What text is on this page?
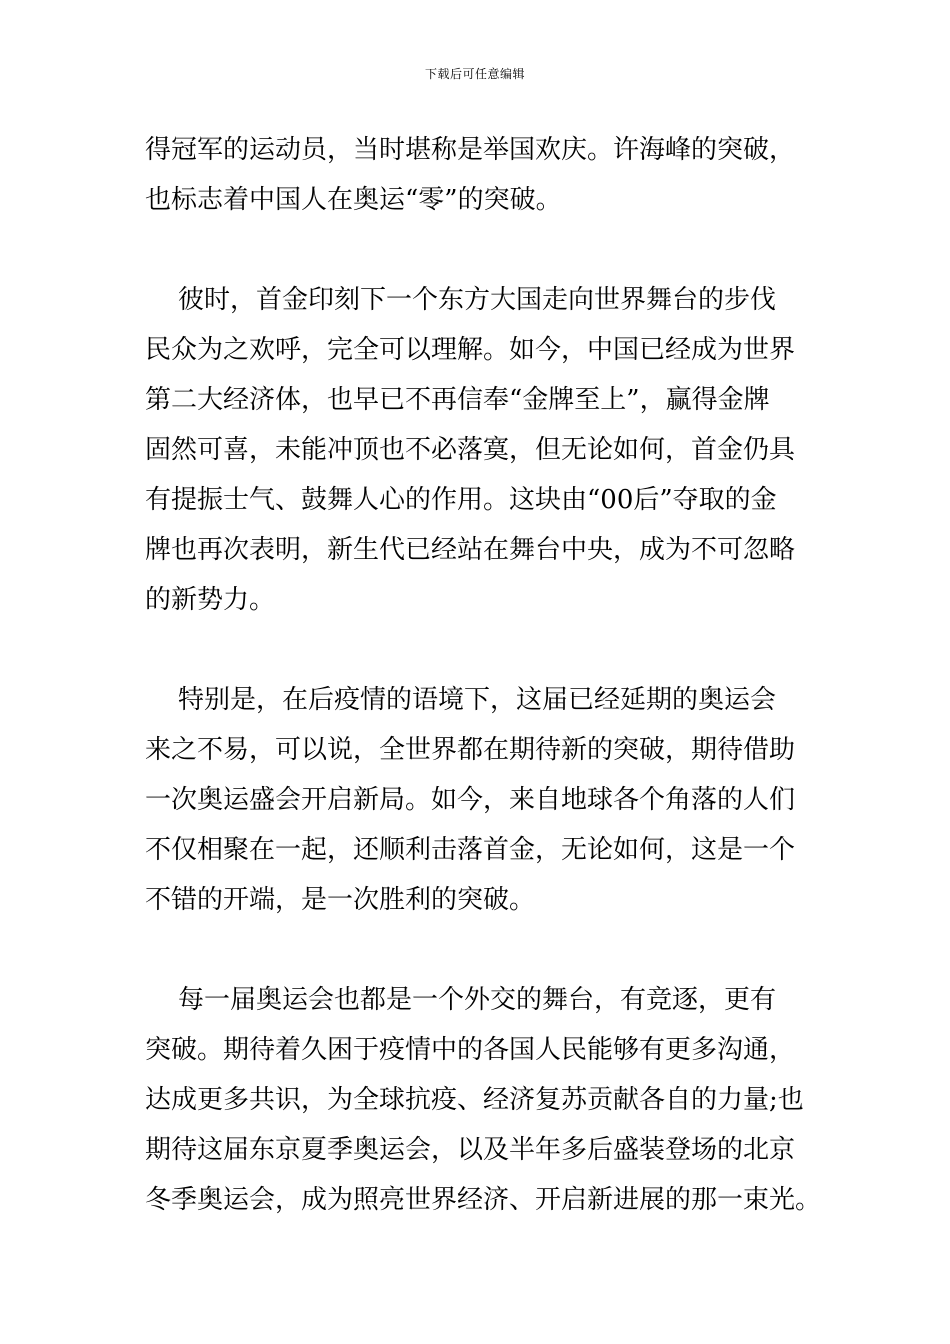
下载后可任意编辑

得冠军的运动员，当时堪称是举国欢庆。许海峰的突破，
也标志着中国人在奥运“零”的突破。

彼时，首金印刻下一个东方大国走向世界舞台的步伐
民众为之欢呼，完全可以理解。如今，中国已经成为世界
第二大经济体，也早已不再信奉“金牌至上”，赢得金牌
固然可喜，未能冲顶也不必落寞，但无论如何，首金仍具
有提振士气、鼓舞人心的作用。这块由“00后”夺取的金
牌也再次表明，新生代已经站在舞台中央，成为不可忽略
的新势力。

特别是，在后疫情的语境下，这届已经延期的奥运会
来之不易，可以说，全世界都在期待新的突破，期待借助
一次奥运盛会开启新局。如今，来自地球各个角落的人们
不仅相聚在一起，还顺利击落首金，无论如何，这是一个
不错的开端，是一次胜利的突破。

每一届奥运会也都是一个外交的舞台，有竞逐，更有
突破。期待着久困于疫情中的各国人民能够有更多沟通，
达成更多共识，为全球抗疫、经济复苏贡献各自的力量;也
期待这届东京夏季奥运会，以及半年多后盛装登场的北京
冬季奥运会，成为照亮世界经济、开启新进展的那一束光。
